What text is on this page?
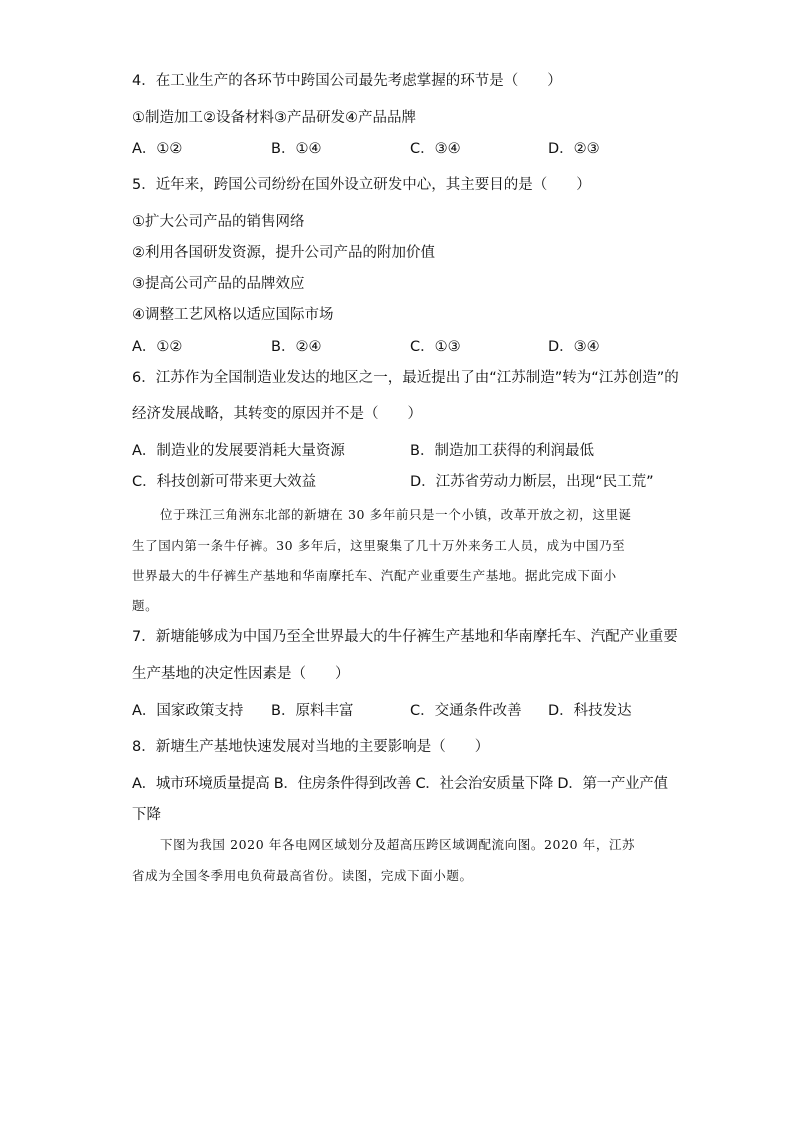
4．在工业生产的各环节中跨国公司最先考虑掌握的环节是（　　）
①制造加工②设备材料③产品研发④产品品牌
A．①②	B．①④	C．③④	D．②③
5．近年来，跨国公司纷纷在国外设立研发中心，其主要目的是（　　）
①扩大公司产品的销售网络
②利用各国研发资源，提升公司产品的附加价值
③提高公司产品的品牌效应
④调整工艺风格以适应国际市场
A．①②	B．②④	C．①③	D．③④
6．江苏作为全国制造业发达的地区之一，最近提出了由“江苏制造”转为“江苏创造”的
经济发展战略，其转变的原因并不是（　　）
A．制造业的发展要消耗大量资源	B．制造加工获得的利润最低
C．科技创新可带来更大效益	D．江苏省劳动力断层，出现“民工荒”
位于珠江三角洲东北部的新塘在 30 多年前只是一个小镇，改革开放之初，这里诞
生了国内第一条牛仔裤。30 多年后，这里聚集了几十万外来务工人员，成为中国乃至
世界最大的牛仔裤生产基地和华南摩托车、汽配产业重要生产基地。据此完成下面小
题。
7．新塘能够成为中国乃至全世界最大的牛仔裤生产基地和华南摩托车、汽配产业重要
生产基地的决定性因素是（　　）
A．国家政策支持 B．原料丰富	C．交通条件改善 D．科技发达
8．新塘生产基地快速发展对当地的主要影响是（　　）
A．城市环境质量提高 B．住房条件得到改善 C．社会治安质量下降 D．第一产业产值
下降
下图为我国 2020 年各电网区域划分及超高压跨区域调配流向图。2020 年，江苏
省成为全国冬季用电负荷最高省份。读图，完成下面小题。
